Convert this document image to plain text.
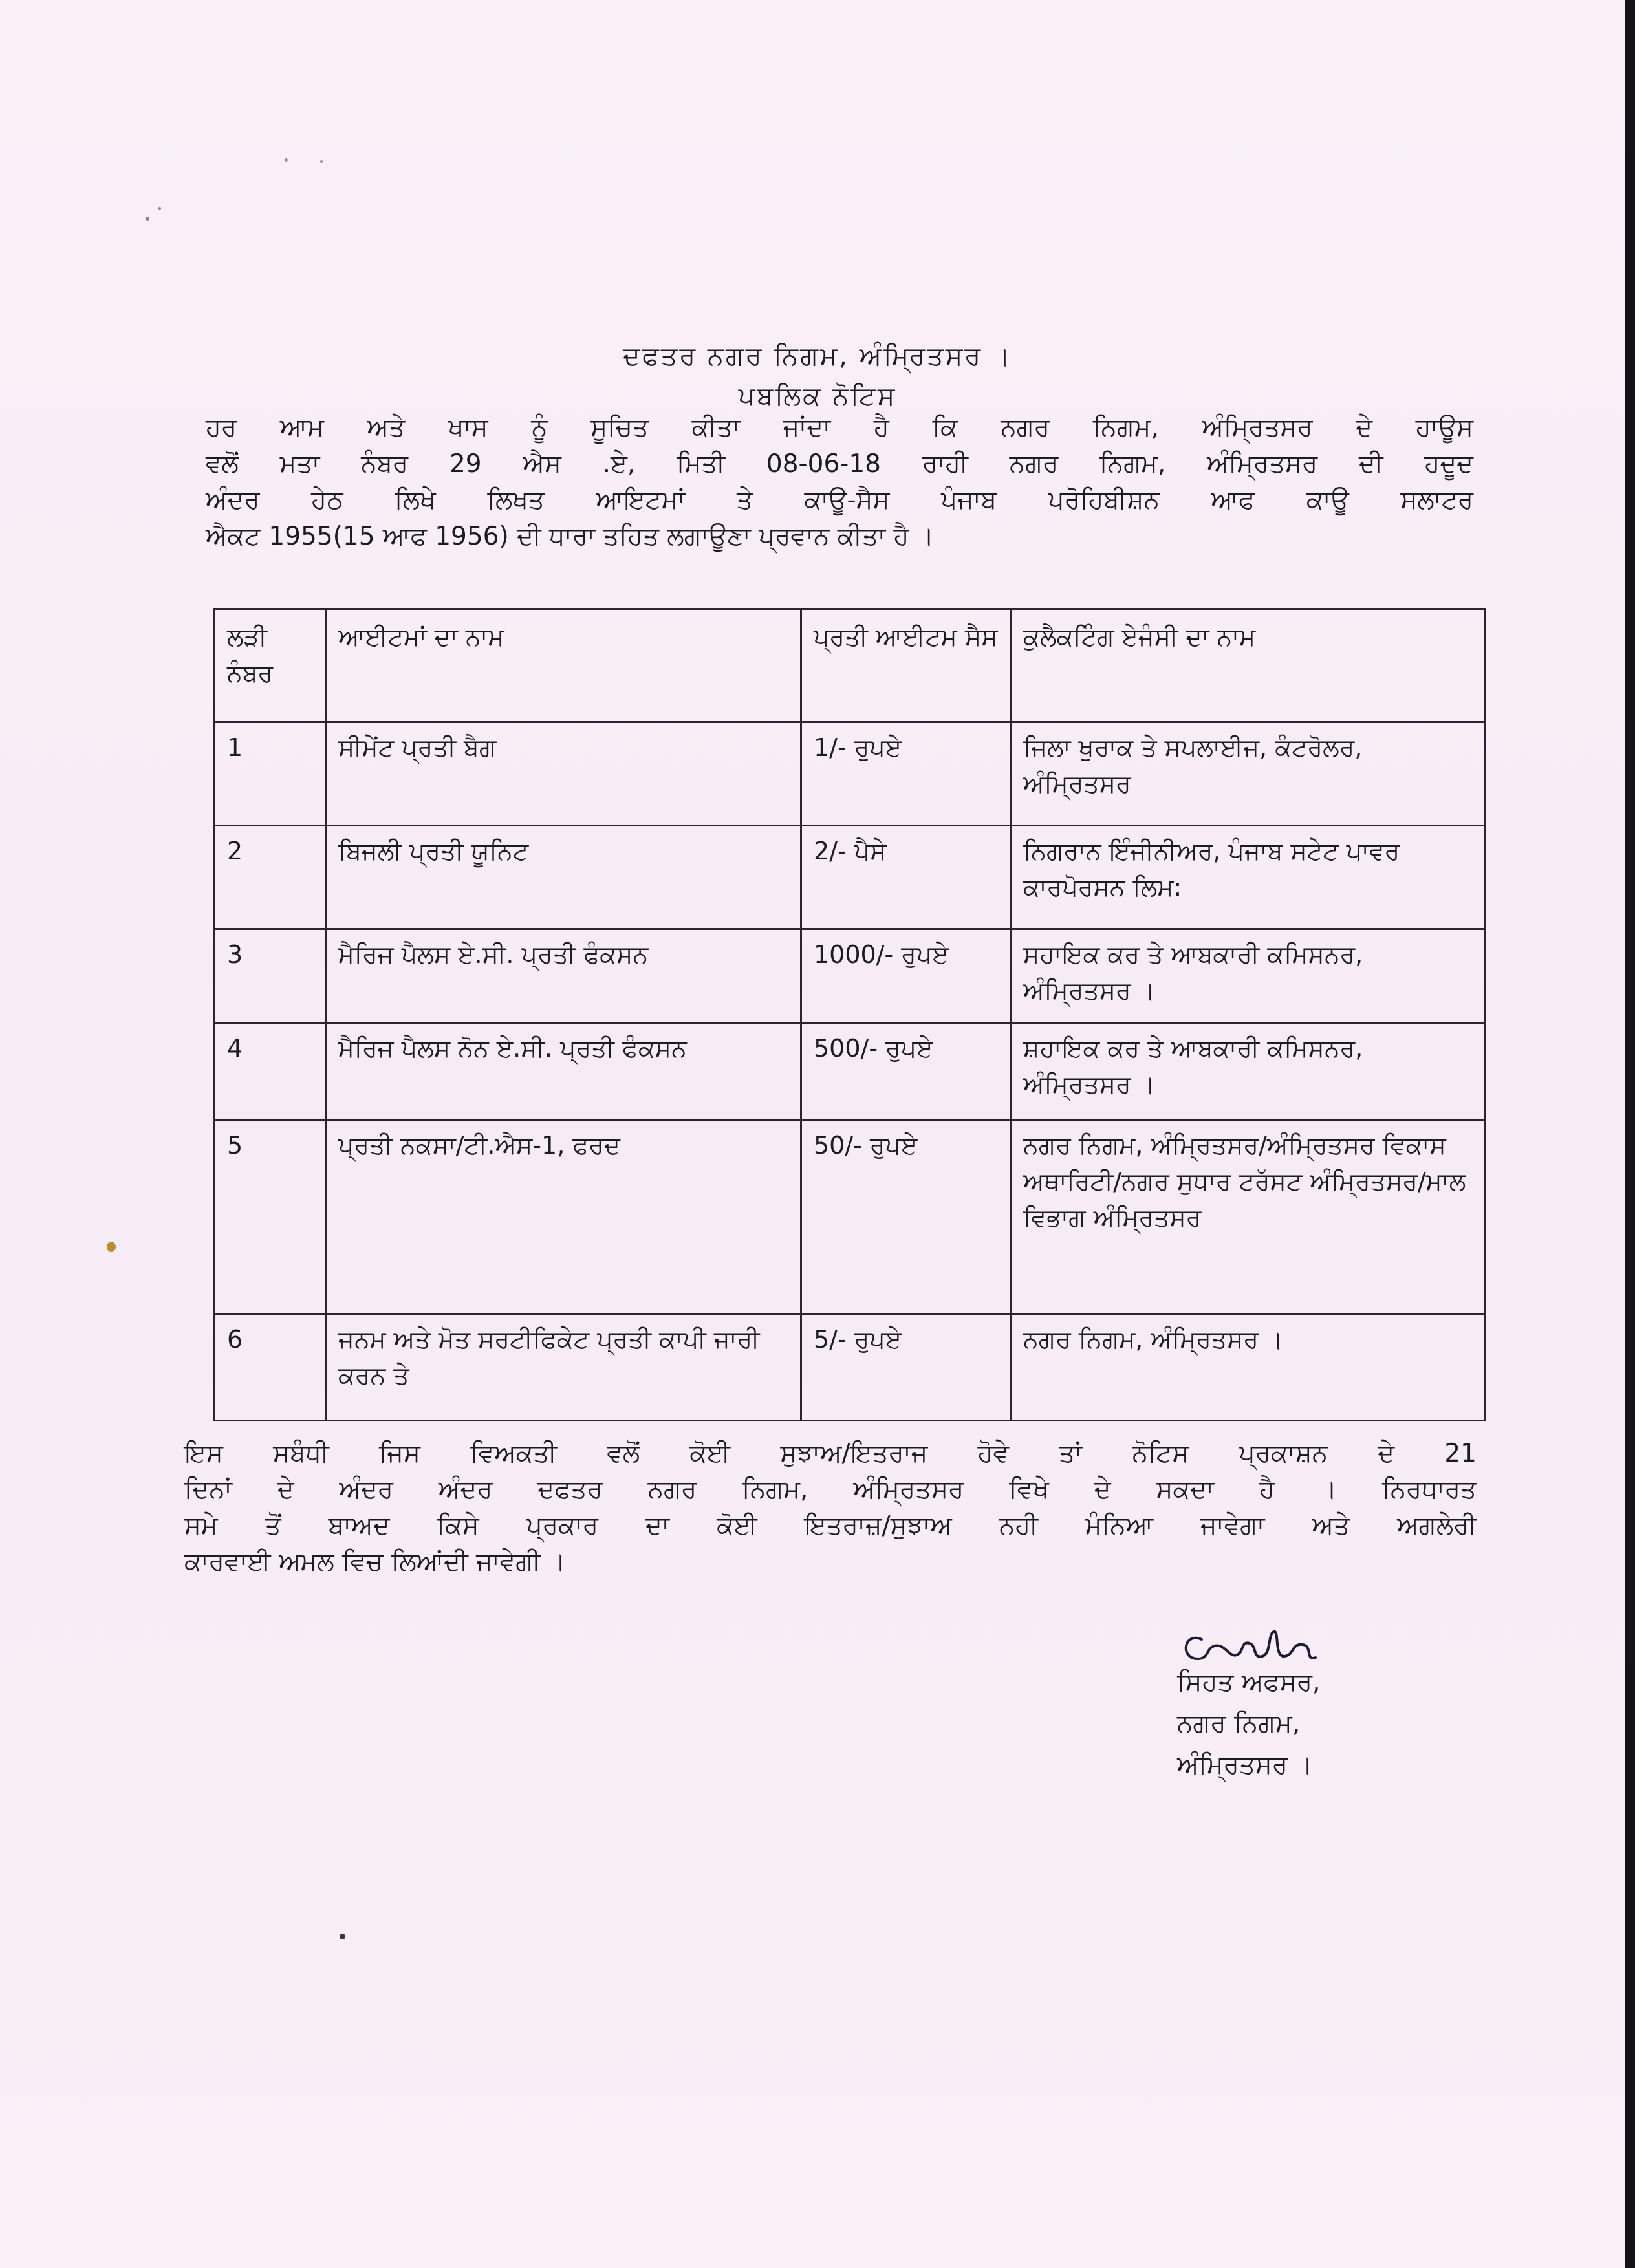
ਦਫਤਰ ਨਗਰ ਨਿਗਮ, ਅੰਮ੍ਰਿਤਸਰ ।
ਪਬਲਿਕ ਨੋਟਿਸ
ਹਰ ਆਮ ਅਤੇ ਖਾਸ ਨੂੰ ਸੂਚਿਤ ਕੀਤਾ ਜਾਂਦਾ ਹੈ ਕਿ ਨਗਰ ਨਿਗਮ, ਅੰਮ੍ਰਿਤਸਰ ਦੇ ਹਾਊਸ
ਵਲੋਂ ਮਤਾ ਨੰਬਰ 29 ਐਸ .ਏ, ਮਿਤੀ 08-06-18 ਰਾਹੀ ਨਗਰ ਨਿਗਮ, ਅੰਮ੍ਰਿਤਸਰ ਦੀ ਹਦੂਦ
ਅੰਦਰ ਹੇਠ ਲਿਖੇ ਲਿਖਤ ਆਇਟਮਾਂ ਤੇ ਕਾਊ-ਸੈਸ ਪੰਜਾਬ ਪਰੋਹਿਬੀਸ਼ਨ ਆਫ ਕਾਊ ਸਲਾਟਰ
ਐਕਟ 1955(15 ਆਫ 1956) ਦੀ ਧਾਰਾ ਤਹਿਤ ਲਗਾਊਣਾ ਪ੍ਰਵਾਨ ਕੀਤਾ ਹੈ ।
ਲੜੀ ਨੰਬਰ	ਆਈਟਮਾਂ ਦਾ ਨਾਮ	ਪ੍ਰਤੀ ਆਈਟਮ ਸੈਸ	ਕੁਲੈਕਟਿੰਗ ਏਜੰਸੀ ਦਾ ਨਾਮ
1	ਸੀਮੇਂਟ ਪ੍ਰਤੀ ਬੈਗ	1/- ਰੁਪਏ	ਜਿਲਾ ਖੁਰਾਕ ਤੇ ਸਪਲਾਈਜ, ਕੰਟਰੋਲਰ, ਅੰਮ੍ਰਿਤਸਰ
2	ਬਿਜਲੀ ਪ੍ਰਤੀ ਯੂਨਿਟ	2/- ਪੈਸੇ	ਨਿਗਰਾਨ ਇੰਜੀਨੀਅਰ, ਪੰਜਾਬ ਸਟੇਟ ਪਾਵਰ ਕਾਰਪੋਰਸਨ ਲਿਮ:
3	ਮੈਰਿਜ ਪੈਲਸ ਏ.ਸੀ. ਪ੍ਰਤੀ ਫੰਕਸਨ	1000/- ਰੁਪਏ	ਸਹਾਇਕ ਕਰ ਤੇ ਆਬਕਾਰੀ ਕਮਿਸਨਰ, ਅੰਮ੍ਰਿਤਸਰ ।
4	ਮੈਰਿਜ ਪੈਲਸ ਨੋਨ ਏ.ਸੀ. ਪ੍ਰਤੀ ਫੰਕਸਨ	500/- ਰੁਪਏ	ਸ਼ਹਾਇਕ ਕਰ ਤੇ ਆਬਕਾਰੀ ਕਮਿਸਨਰ, ਅੰਮ੍ਰਿਤਸਰ ।
5	ਪ੍ਰਤੀ ਨਕਸਾ/ਟੀ.ਐਸ-1, ਫਰਦ	50/- ਰੁਪਏ	ਨਗਰ ਨਿਗਮ, ਅੰਮ੍ਰਿਤਸਰ/ਅੰਮ੍ਰਿਤਸਰ ਵਿਕਾਸ ਅਥਾਰਿਟੀ/ਨਗਰ ਸੁਧਾਰ ਟਰੱਸਟ ਅੰਮ੍ਰਿਤਸਰ/ਮਾਲ ਵਿਭਾਗ ਅੰਮ੍ਰਿਤਸਰ
6	ਜਨਮ ਅਤੇ ਮੋਤ ਸਰਟੀਫਿਕੇਟ ਪ੍ਰਤੀ ਕਾਪੀ ਜਾਰੀ ਕਰਨ ਤੇ	5/- ਰੁਪਏ	ਨਗਰ ਨਿਗਮ, ਅੰਮ੍ਰਿਤਸਰ ।
ਇਸ ਸਬੰਧੀ ਜਿਸ ਵਿਅਕਤੀ ਵਲੋਂ ਕੋਈ ਸੁਝਾਅ/ਇਤਰਾਜ ਹੋਵੇ ਤਾਂ ਨੋਟਿਸ ਪ੍ਰਕਾਸ਼ਨ ਦੇ 21
ਦਿਨਾਂ ਦੇ ਅੰਦਰ ਅੰਦਰ ਦਫਤਰ ਨਗਰ ਨਿਗਮ, ਅੰਮ੍ਰਿਤਸਰ ਵਿਖੇ ਦੇ ਸਕਦਾ ਹੈ । ਨਿਰਧਾਰਤ
ਸਮੇ ਤੋਂ ਬਾਅਦ ਕਿਸੇ ਪ੍ਰਕਾਰ ਦਾ ਕੋਈ ਇਤਰਾਜ਼/ਸੁਝਾਅ ਨਹੀ ਮੰਨਿਆ ਜਾਵੇਗਾ ਅਤੇ ਅਗਲੇਰੀ
ਕਾਰਵਾਈ ਅਮਲ ਵਿਚ ਲਿਆਂਦੀ ਜਾਵੇਗੀ ।
ਸਿਹਤ ਅਫਸਰ,
ਨਗਰ ਨਿਗਮ,
ਅੰਮ੍ਰਿਤਸਰ ।
